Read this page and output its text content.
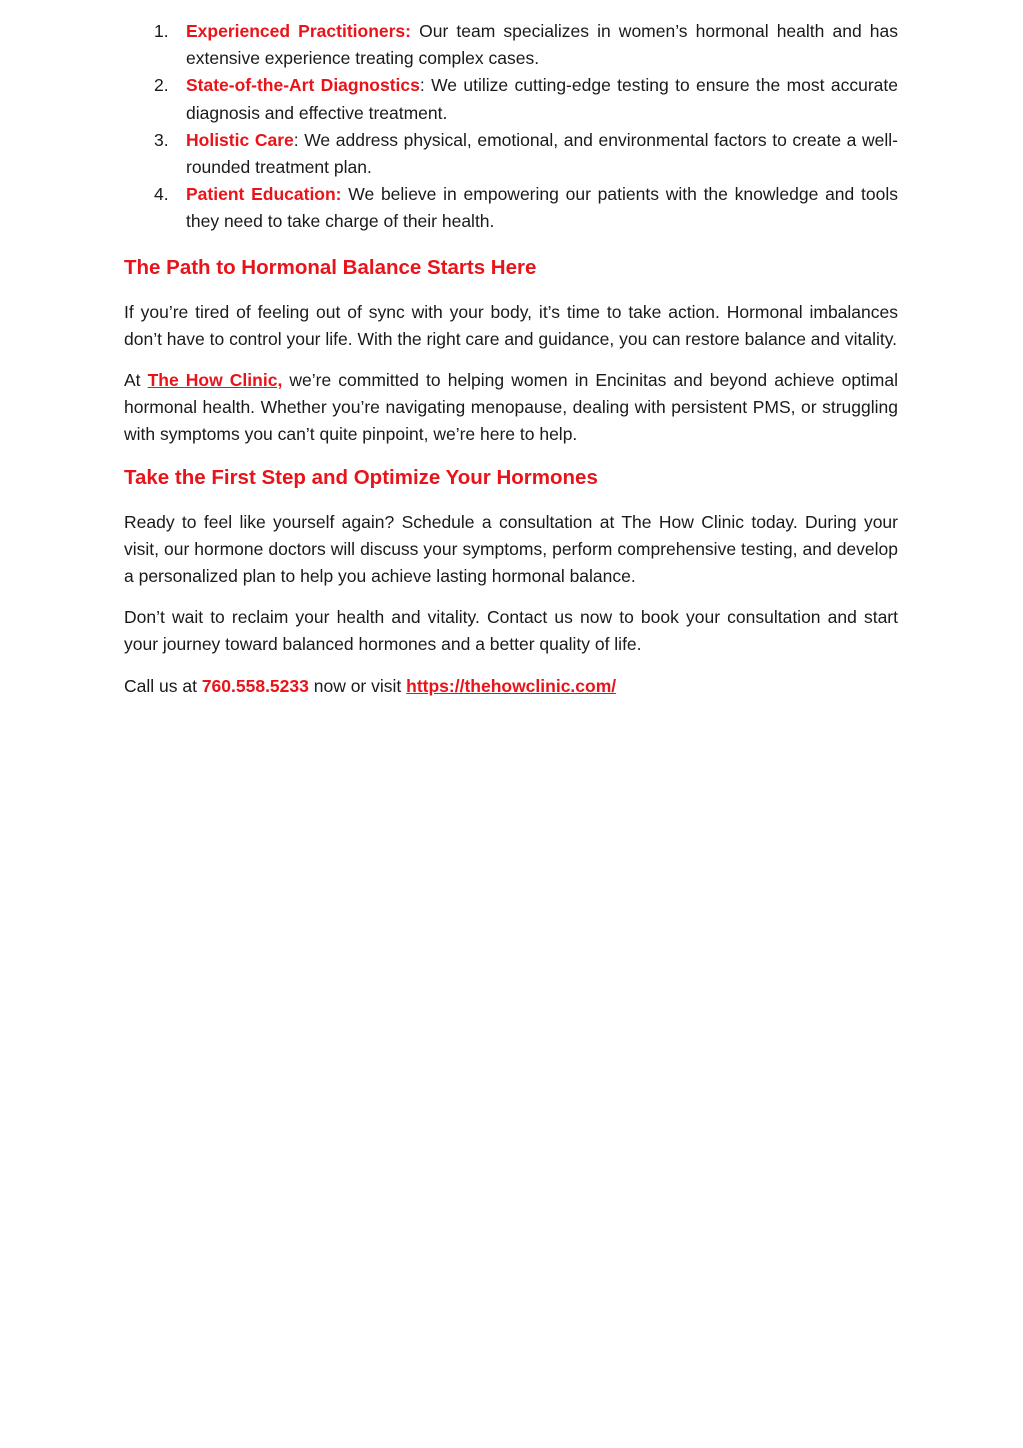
1. Experienced Practitioners: Our team specializes in women’s hormonal health and has extensive experience treating complex cases.
2. State-of-the-Art Diagnostics: We utilize cutting-edge testing to ensure the most accurate diagnosis and effective treatment.
3. Holistic Care: We address physical, emotional, and environmental factors to create a well-rounded treatment plan.
4. Patient Education: We believe in empowering our patients with the knowledge and tools they need to take charge of their health.
The Path to Hormonal Balance Starts Here

If you’re tired of feeling out of sync with your body, it’s time to take action. Hormonal imbalances don’t have to control your life. With the right care and guidance, you can restore balance and vitality.

At The How Clinic, we’re committed to helping women in Encinitas and beyond achieve optimal hormonal health. Whether you’re navigating menopause, dealing with persistent PMS, or struggling with symptoms you can’t quite pinpoint, we’re here to help.

Take the First Step and Optimize Your Hormones

Ready to feel like yourself again? Schedule a consultation at The How Clinic today. During your visit, our hormone doctors will discuss your symptoms, perform comprehensive testing, and develop a personalized plan to help you achieve lasting hormonal balance.

Don’t wait to reclaim your health and vitality. Contact us now to book your consultation and start your journey toward balanced hormones and a better quality of life.

Call us at 760.558.5233 now or visit https://thehowclinic.com/
